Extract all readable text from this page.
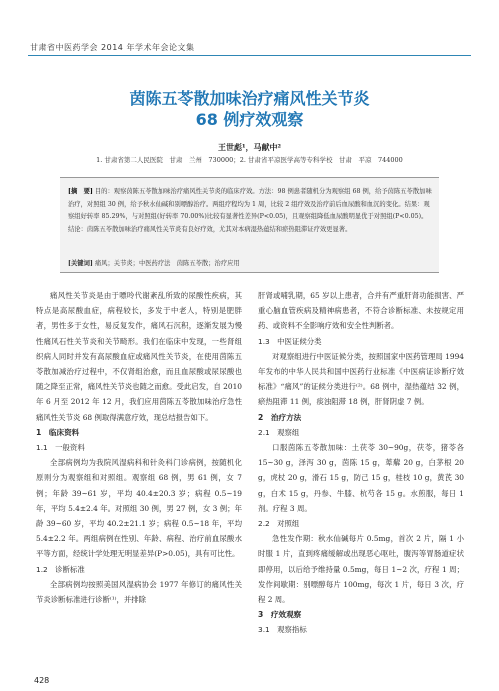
甘肃省中医药学会 2014 年学术年会论文集
茵陈五苓散加味治疗痛风性关节炎
68 例疗效观察
王世彪¹，马献中²
1. 甘肃省第二人民医院　甘肃　兰州　730000；2. 甘肃省平凉医学高等专科学校　甘肃　平凉　744000
[摘　要] 目的：观察茵陈五苓散加味治疗痛风性关节炎的临床疗效。方法：98 例患者随机分为观察组 68 例，给予茵陈五苓散加味治疗，对照组 30 例，给予秋水仙碱和别嘌醇治疗。两组疗程均为 1 周，比较 2 组疗效及治疗前后血尿酸和血沉的变化。结果：观察组好转率 85.29%，与对照组(好转率 70.00%)比较有显著性差异(P<0.05)，且观察组降低血尿酸明显优于对照组(P<0.05)。结论：茵陈五苓散加味治疗痛风性关节炎有良好疗效，尤其对本病湿热蕴结和瘀热阻滞证疗效更显著。
[关键词] 痛风；关节炎；中医药疗法　茵陈五苓散；治疗应用

痛风性关节炎是由于嘌呤代谢紊乱所致的尿酸性疾病，其特点是高尿酸血症，病程较长，多发于中老人，特别是肥胖者，男性多于女性，易反复发作，痛风石沉积，逐渐发展为慢性痛风石性关节炎和关节畸形。我们在临床中发现，一些肾组织病人同时并发有高尿酸血症或痛风性关节炎，在使用茵陈五苓散加减治疗过程中，不仅肾组治愈，而且血尿酸或尿尿酸也随之降至正常，痛风性关节炎也随之而愈。受此启发，自 2010 年 6 月至 2012 年 12 月，我们应用茵陈五苓散加味治疗急性痛风性关节炎 68 例取得满意疗效，现总结报告如下。

1　临床资料

1.1　一般资料

全部病例均为我院风湿病科和针灸科门诊病例，按随机化原则分为观察组和对照组。观察组 68 例，男 61 例，女 7 例；年龄 39~61 岁，平均 40.4±20.3 岁；病程 0.5~19 年，平均 5.4±2.4 年。对照组 30 例，男 27 例，女 3 例；年龄 39~60 岁，平均 40.2±21.1 岁；病程 0.5~18 年，平均 5.4±2.2 年。两组病例在性别、年龄、病程、治疗前血尿酸水平等方面，经统计学处理无明显差异(P>0.05)，具有可比性。

1.2　诊断标准

全部病例均按照美国风湿病协会 1977 年修订的痛风性关节炎诊断标准进行诊断⁽¹⁾，并排除

肝肾或哺乳期，65 岁以上患者，合并有严重肝肾功能损害、严重心脑血管疾病及精神病患者，不符合诊断标准、未按规定用药、或资料不全影响疗效和安全性判断者。

1.3　中医证候分类

对观察组进行中医证候分类，按照国家中医药管理局 1994 年发布的中华人民共和国中医药行业标准《中医病证诊断疗效标准》“痛风”的证候分类进行⁽²⁾。68 例中，湿热蕴结 32 例，瘀热阻滞 11 例，痰浊阻滞 18 例，肝肾阴虚 7 例。

2　治疗方法

2.1　观察组

口服茵陈五苓散加味：土茯苓 30~90g，茯苓，猪苓各 15~30 g，泽泻 30 g，茵陈 15 g，萆薢 20 g，白茅根 20 g，虎杖 20 g，滑石 15 g，防己 15 g，桂枝 10 g，黄芪 30 g，白术 15 g，丹参、牛膝、杭芍各 15 g。水煎服，每日 1 剂。疗程 3 周。

2.2　对照组

急性发作期：秋水仙碱每片 0.5mg，首次 2 片，隔 1 小时服 1 片，直到疼痛缓解或出现恶心呕吐，腹泻等胃肠道症状即停用，以后给予维持量 0.5mg，每日 1~2 次，疗程 1 周；发作间歇期：别嘌醇每片 100mg，每次 1 片，每日 3 次，疗程 2 周。

3　疗效观察

3.1　观察指标

428
